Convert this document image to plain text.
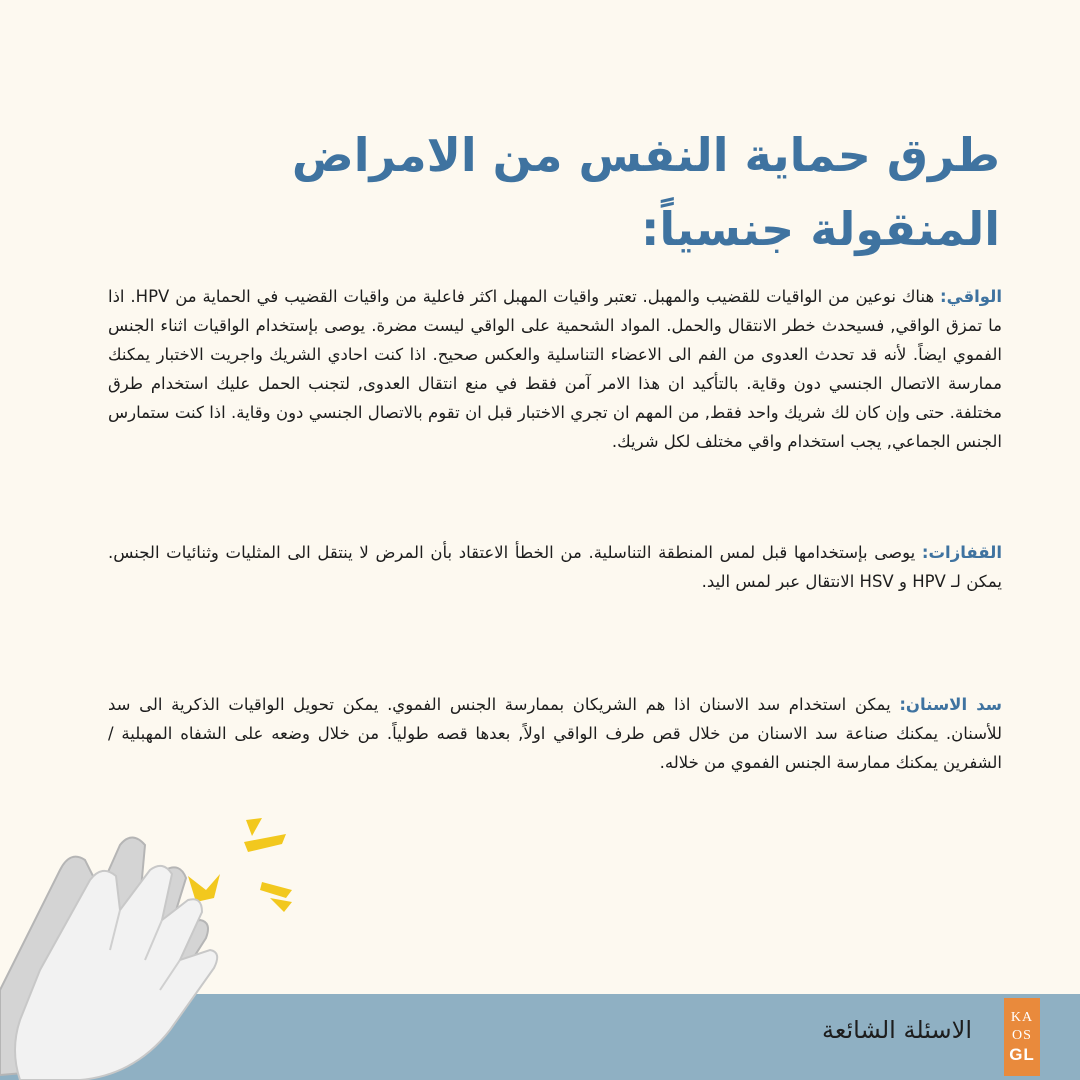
طرق حماية النفس من الامراض المنقولة جنسياً:

الواقي: هناك نوعين من الواقيات للقضيب والمهبل. تعتبر واقيات المهبل اكثر فاعلية من واقيات القضيب في الحماية من HPV. اذا ما تمزق الواقي, فسيحدث خطر الانتقال والحمل. المواد الشحمية على الواقي ليست مضرة. يوصى بإستخدام الواقيات اثناء الجنس الفموي ايضاً. لأنه قد تحدث العدوى من الفم الى الاعضاء التناسلية والعكس صحيح. اذا كنت احادي الشريك واجريت الاختبار يمكنك ممارسة الاتصال الجنسي دون وقاية. بالتأكيد ان هذا الامر آمن فقط في منع انتقال العدوى, لتجنب الحمل عليك استخدام طرق مختلفة. حتى وإن كان لك شريك واحد فقط, من المهم ان تجري الاختبار قبل ان تقوم بالاتصال الجنسي دون وقاية. اذا كنت ستمارس الجنس الجماعي, يجب استخدام واقي مختلف لكل شريك.

القفازات: يوصى بإستخدامها قبل لمس المنطقة التناسلية. من الخطأ الاعتقاد بأن المرض لا ينتقل الى المثليات وثنائيات الجنس. يمكن لـ HPV و HSV الانتقال عبر لمس اليد.

سد الاسنان: يمكن استخدام سد الاسنان اذا هم الشريكان بممارسة الجنس الفموي. يمكن تحويل الواقيات الذكرية الى سد للأسنان. يمكنك صناعة سد الاسنان من خلال قص طرف الواقي اولاً, بعدها قصه طولياً. من خلال وضعه على الشفاه المهبلية / الشفرين يمكنك ممارسة الجنس الفموي من خلاله.

الاسئلة الشائعة	KA
OS
GL
